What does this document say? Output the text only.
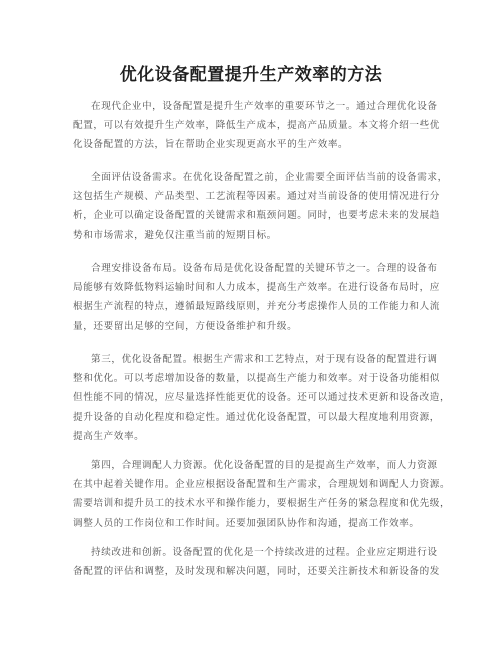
优化设备配置提升生产效率的方法
在现代企业中，设备配置是提升生产效率的重要环节之一。通过合理优化设备
配置，可以有效提升生产效率，降低生产成本，提高产品质量。本文将介绍一些优
化设备配置的方法，旨在帮助企业实现更高水平的生产效率。
全面评估设备需求。在优化设备配置之前，企业需要全面评估当前的设备需求，
这包括生产规模、产品类型、工艺流程等因素。通过对当前设备的使用情况进行分
析，企业可以确定设备配置的关键需求和瓶颈问题。同时，也要考虑未来的发展趋
势和市场需求，避免仅注重当前的短期目标。
合理安排设备布局。设备布局是优化设备配置的关键环节之一。合理的设备布
局能够有效降低物料运输时间和人力成本，提高生产效率。在进行设备布局时，应
根据生产流程的特点，遵循最短路线原则，并充分考虑操作人员的工作能力和人流
量，还要留出足够的空间，方便设备维护和升级。
第三，优化设备配置。根据生产需求和工艺特点，对于现有设备的配置进行调
整和优化。可以考虑增加设备的数量，以提高生产能力和效率。对于设备功能相似
但性能不同的情况，应尽量选择性能更优的设备。还可以通过技术更新和设备改造，
提升设备的自动化程度和稳定性。通过优化设备配置，可以最大程度地利用资源，
提高生产效率。
第四，合理调配人力资源。优化设备配置的目的是提高生产效率，而人力资源
在其中起着关键作用。企业应根据设备配置和生产需求，合理规划和调配人力资源。
需要培训和提升员工的技术水平和操作能力，要根据生产任务的紧急程度和优先级，
调整人员的工作岗位和工作时间。还要加强团队协作和沟通，提高工作效率。
持续改进和创新。设备配置的优化是一个持续改进的过程。企业应定期进行设
备配置的评估和调整，及时发现和解决问题，同时，还要关注新技术和新设备的发
